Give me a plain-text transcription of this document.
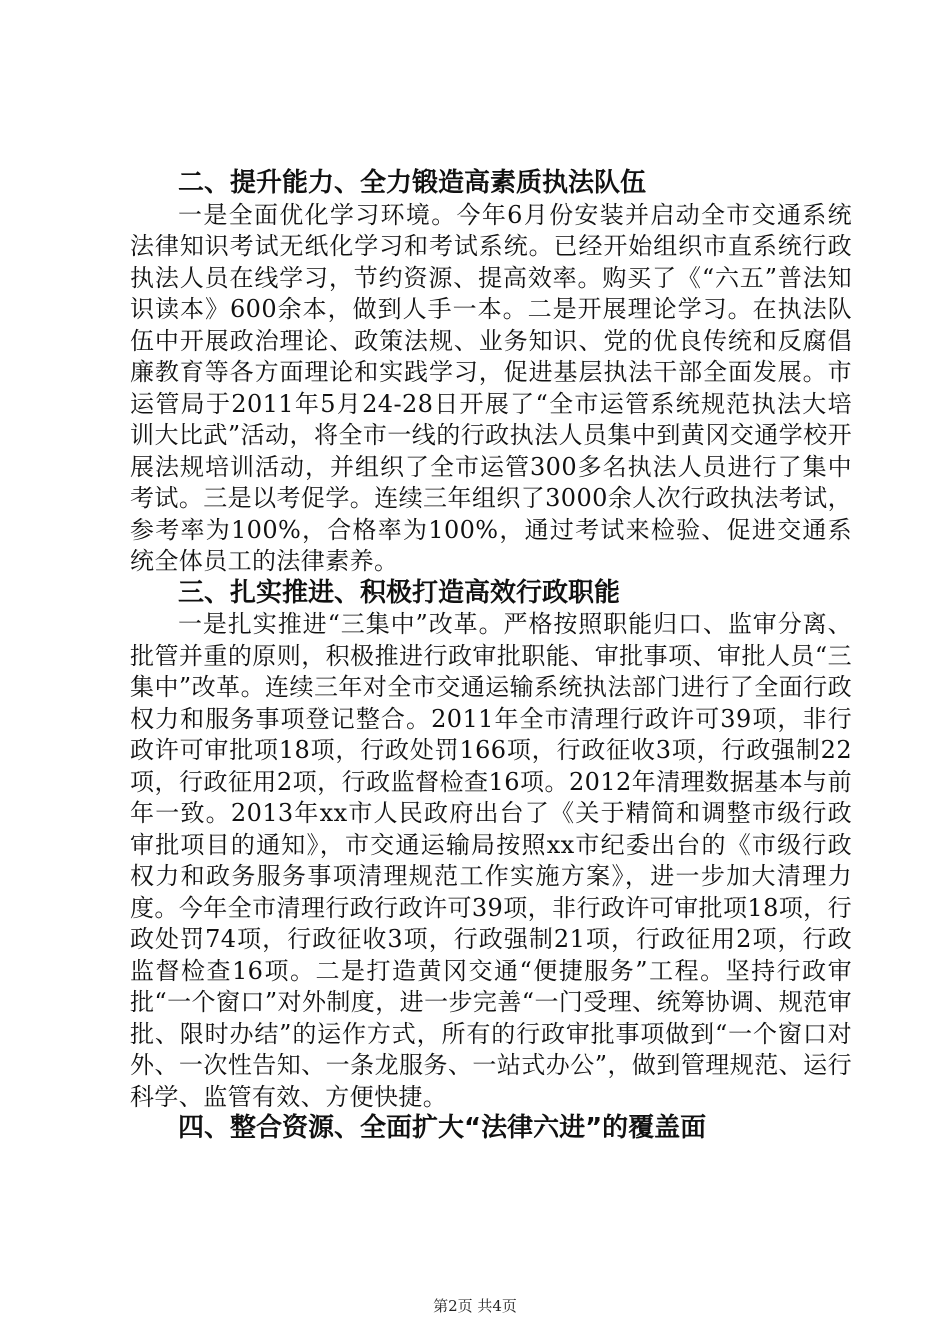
二、提升能力、全力锻造高素质执法队伍

一是全面优化学习环境。今年6月份安装并启动全市交通系统法律知识考试无纸化学习和考试系统。已经开始组织市直系统行政执法人员在线学习，节约资源、提高效率。购买了《“六五”普法知识读本》600余本，做到人手一本。二是开展理论学习。在执法队伍中开展政治理论、政策法规、业务知识、党的优良传统和反腐倡廉教育等各方面理论和实践学习，促进基层执法干部全面发展。市运管局于2011年5月24-28日开展了“全市运管系统规范执法大培训大比武”活动，将全市一线的行政执法人员集中到黄冈交通学校开展法规培训活动，并组织了全市运管300多名执法人员进行了集中考试。三是以考促学。连续三年组织了3000余人次行政执法考试，参考率为100%，合格率为100%，通过考试来检验、促进交通系统全体员工的法律素养。

三、扎实推进、积极打造高效行政职能

一是扎实推进“三集中”改革。严格按照职能归口、监审分离、批管并重的原则，积极推进行政审批职能、审批事项、审批人员“三集中”改革。连续三年对全市交通运输系统执法部门进行了全面行政权力和服务事项登记整合。2011年全市清理行政许可39项，非行政许可审批项18项，行政处罚166项，行政征收3项，行政强制22项，行政征用2项，行政监督检查16项。2012年清理数据基本与前年一致。2013年xx市人民政府出台了《关于精简和调整市级行政审批项目的通知》，市交通运输局按照xx市纪委出台的《市级行政权力和政务服务事项清理规范工作实施方案》，进一步加大清理力度。今年全市清理行政行政许可39项，非行政许可审批项18项，行政处罚74项，行政征收3项，行政强制21项，行政征用2项，行政监督检查16项。二是打造黄冈交通“便捷服务”工程。坚持行政审批“一个窗口”对外制度，进一步完善“一门受理、统筹协调、规范审批、限时办结”的运作方式，所有的行政审批事项做到“一个窗口对外、一次性告知、一条龙服务、一站式办公”，做到管理规范、运行科学、监管有效、方便快捷。

四、整合资源、全面扩大“法律六进”的覆盖面
第2页 共4页
